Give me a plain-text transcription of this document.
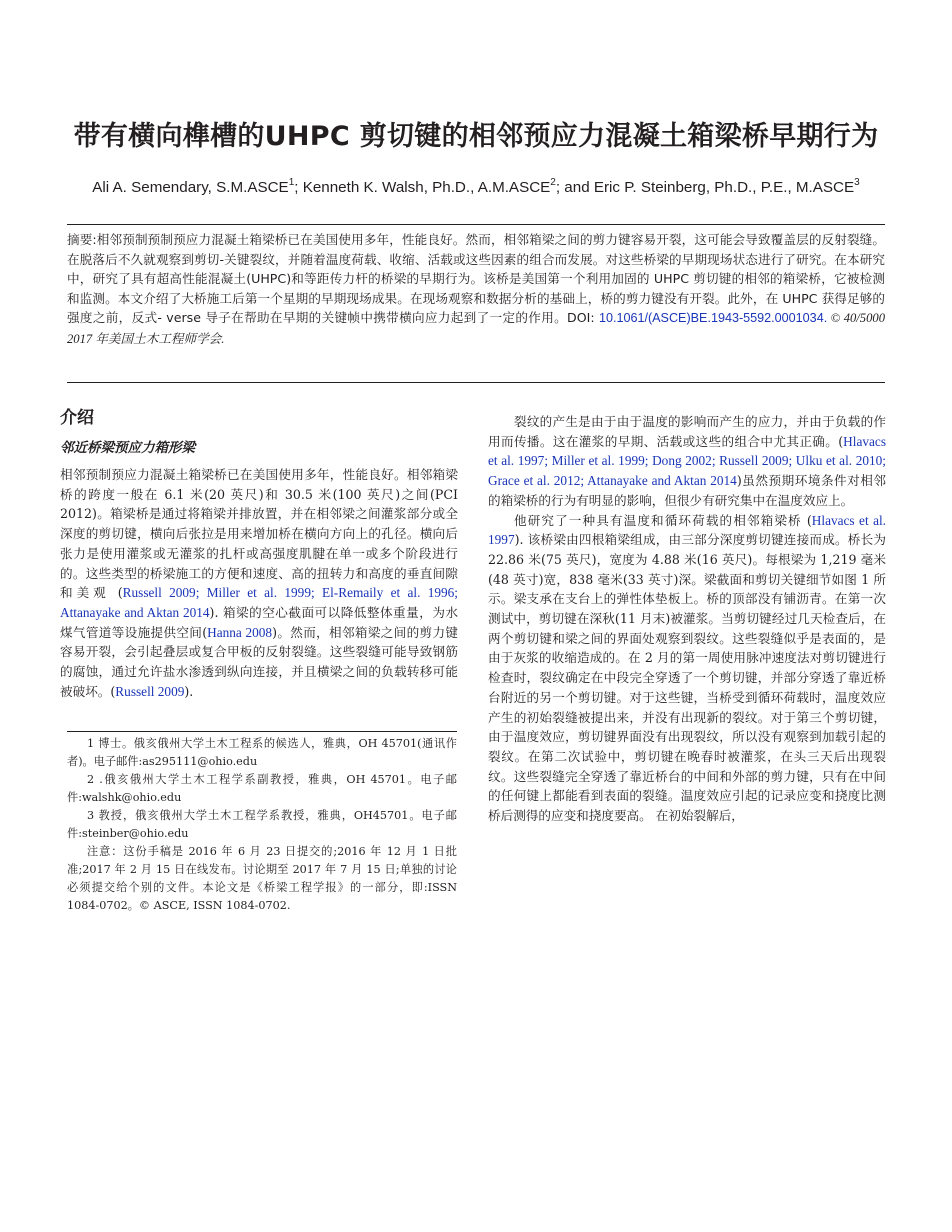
带有横向榫槽的UHPC 剪切键的相邻预应力混凝土箱梁桥早期行为
Ali A. Semendary, S.M.ASCE$^1$; Kenneth K. Walsh, Ph.D., A.M.ASCE$^2$; and Eric P. Steinberg, Ph.D., P.E., M.ASCE$^3$
摘要:相邻预制预制预应力混凝土箱梁桥已在美国使用多年，性能良好。然而，相邻箱梁之间的剪力键容易开裂，这可能会导致覆盖层的反射裂缝。在脱落后不久就观察到剪切-关键裂纹，并随着温度荷载、收缩、活载或这些因素的组合而发展。对这些桥梁的早期现场状态进行了研究。在本研究中，研究了具有超高性能混凝土(UHPC)和等距传力杆的桥梁的早期行为。该桥是美国第一个利用加固的 UHPC 剪切键的相邻的箱梁桥，它被检测和监测。本文介绍了大桥施工后第一个星期的早期现场成果。在现场观察和数据分析的基础上，桥的剪力键没有开裂。此外，在 UHPC 获得足够的强度之前，反式- verse 导子在帮助在早期的关键帧中携带横向应力起到了一定的作用。DOI: 10.1061/(ASCE)BE.1943-5592.0001034. © 40/5000 2017 年美国土木工程师学会.
介绍
邻近桥梁预应力箱形梁

相邻预制预应力混凝土箱梁桥已在美国使用多年，性能良好。相邻箱梁桥的跨度一般在 6.1 米(20 英尺)和 30.5 米(100 英尺)之间(PCI 2012)。箱梁桥是通过将箱梁并排放置，并在相邻梁之间灌浆部分或全深度的剪切键，横向后张拉是用来增加桥在横向方向上的孔径。横向后张力是使用灌浆或无灌浆的扎杆或高强度肌腱在单一或多个阶段进行的。这些类型的桥梁施工的方便和速度、高的扭转力和高度的垂直间隙和美观 (Russell 2009; Miller et al. 1999; El-Remaily et al. 1996; Attanayake and Aktan 2014). 箱梁的空心截面可以降低整体重量，为水煤气管道等设施提供空间(Hanna 2008)。然而，相邻箱梁之间的剪力键容易开裂，会引起叠层或复合甲板的反射裂缝。这些裂缝可能导致钢筋的腐蚀，通过允许盐水渗透到纵向连接，并且横梁之间的负载转移可能被破坏。(Russell 2009).

1 博士。俄亥俄州大学土木工程系的候选人，雅典，OH 45701(通讯作者)。电子邮件:as295111@ohio.edu

2 .俄亥俄州大学土木工程学系副教授，雅典，OH 45701。电子邮件:walshk@ohio.edu

3 教授，俄亥俄州大学土木工程学系教授，雅典，OH45701。电子邮件:steinber@ohio.edu

注意：这份手稿是 2016 年 6 月 23 日提交的;2016 年 12 月 1 日批准;2017 年 2 月 15 日在线发布。讨论期至 2017 年 7 月 15 日;单独的讨论必须提交给个别的文件。本论文是《桥梁工程学报》的一部分，即:ISSN 1084-0702。© ASCE, ISSN 1084-0702.

裂纹的产生是由于由于温度的影响而产生的应力，并由于负载的作用而传播。这在灌浆的早期、活载或这些的组合中尤其正确。(Hlavacs et al. 1997; Miller et al. 1999; Dong 2002; Russell 2009; Ulku et al. 2010; Grace et al. 2012; Attanayake and Aktan 2014)虽然预期环境条件对相邻的箱梁桥的行为有明显的影响，但很少有研究集中在温度效应上。

他研究了一种具有温度和循环荷载的相邻箱梁桥 (Hlavacs et al. 1997). 该桥梁由四根箱梁组成，由三部分深度剪切键连接而成。桥长为 22.86 米(75 英尺)，宽度为 4.88 米(16 英尺)。每根梁为 1,219 毫米(48 英寸)宽，838 毫米(33 英寸)深。梁截面和剪切关键细节如图 1 所示。梁支承在支台上的弹性体垫板上。桥的顶部没有铺沥青。在第一次测试中，剪切键在深秋(11 月末)被灌浆。当剪切键经过几天检查后，在两个剪切键和梁之间的界面处观察到裂纹。这些裂缝似乎是表面的，是由于灰浆的收缩造成的。在 2 月的第一周使用脉冲速度法对剪切键进行检查时，裂纹确定在中段完全穿透了一个剪切键，并部分穿透了靠近桥台附近的另一个剪切键。对于这些键，当桥受到循环荷载时，温度效应产生的初始裂缝被提出来，并没有出现新的裂纹。对于第三个剪切键，由于温度效应，剪切键界面没有出现裂纹，所以没有观察到加载引起的裂纹。在第二次试验中，剪切键在晚春时被灌浆，在头三天后出现裂纹。这些裂缝完全穿透了靠近桥台的中间和外部的剪力键，只有在中间的任何键上都能看到表面的裂缝。温度效应引起的记录应变和挠度比测桥后测得的应变和挠度要高。 在初始裂解后，
